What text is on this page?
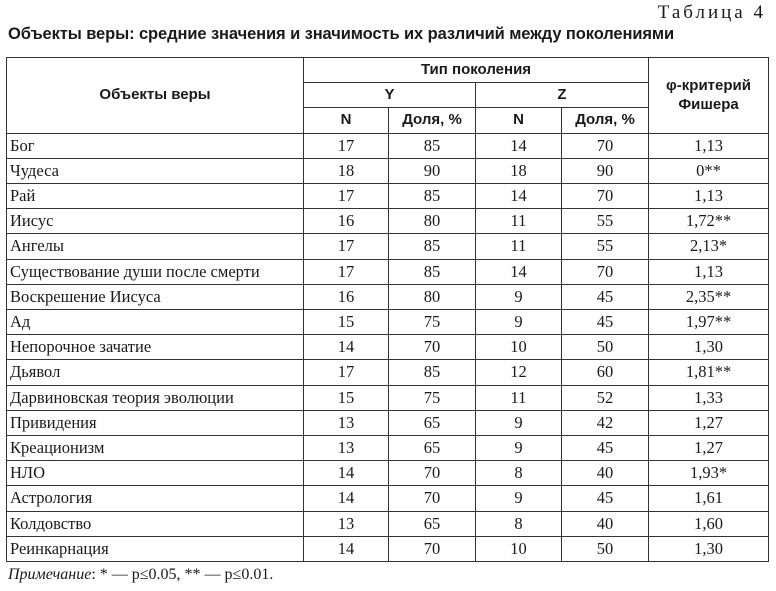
Таблица 4
Объекты веры: средние значения и значимость их различий между поколениями
Объекты веры	Тип поколения				φ-критерий
Фишера
	Y		Z		
	N	Доля, %	N	Доля, %	
Бог	17	85	14	70	1,13
Чудеса	18	90	18	90	0**
Рай	17	85	14	70	1,13
Иисус	16	80	11	55	1,72**
Ангелы	17	85	11	55	2,13*
Существование души после смерти	17	85	14	70	1,13
Воскрешение Иисуса	16	80	9	45	2,35**
Ад	15	75	9	45	1,97**
Непорочное зачатие	14	70	10	50	1,30
Дьявол	17	85	12	60	1,81**
Дарвиновская теория эволюции	15	75	11	52	1,33
Привидения	13	65	9	42	1,27
Креационизм	13	65	9	45	1,27
НЛО	14	70	8	40	1,93*
Астрология	14	70	9	45	1,61
Колдовство	13	65	8	40	1,60
Реинкарнация	14	70	10	50	1,30
Примечание: * — p≤0.05, ** — p≤0.01.
